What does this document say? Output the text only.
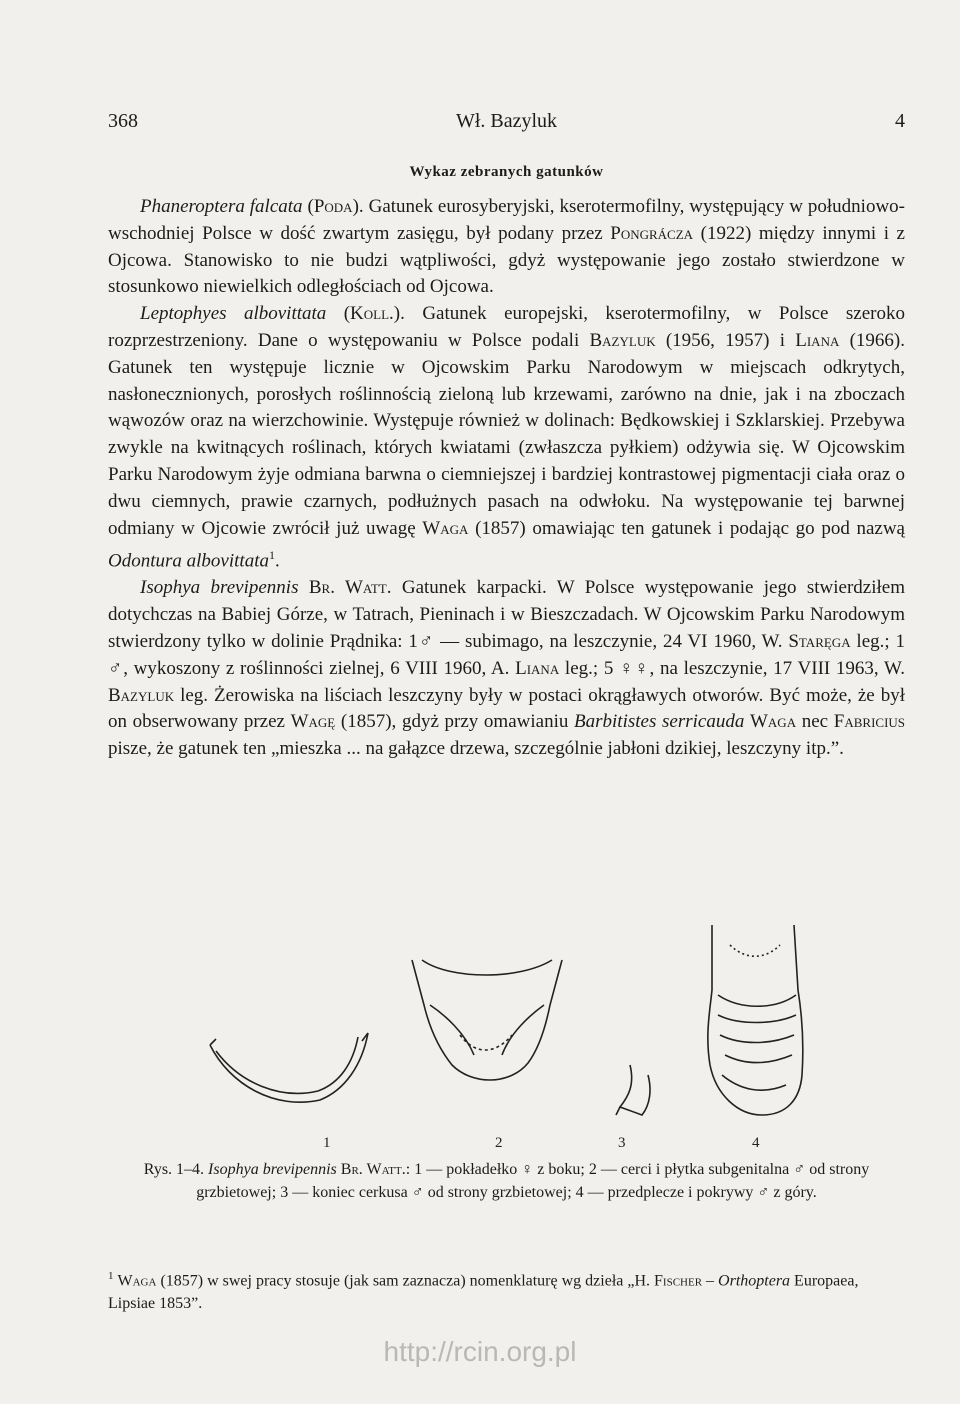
368	Wł. Bazyluk	4
Wykaz zebranych gatunków

Phaneroptera falcata (Poda). Gatunek eurosyberyjski, kserotermofilny, występujący w południowo-wschodniej Polsce w dość zwartym zasięgu, był podany przez Pongrácza (1922) między innymi i z Ojcowa. Stanowisko to nie budzi wątpliwości, gdyż występowanie jego zostało stwierdzone w stosunkowo niewielkich odległościach od Ojcowa.

Leptophyes albovittata (Koll.). Gatunek europejski, kserotermofilny, w Polsce szeroko rozprzestrzeniony. Dane o występowaniu w Polsce podali Bazyluk (1956, 1957) i Liana (1966). Gatunek ten występuje licznie w Ojcowskim Parku Narodowym w miejscach odkrytych, nasłonecznionych, porosłych roślinnością zieloną lub krzewami, zarówno na dnie, jak i na zboczach wąwozów oraz na wierzchowinie. Występuje również w dolinach: Będkowskiej i Szklarskiej. Przebywa zwykle na kwitnących roślinach, których kwiatami (zwłaszcza pyłkiem) odżywia się. W Ojcowskim Parku Narodowym żyje odmiana barwna o ciemniejszej i bardziej kontrastowej pigmentacji ciała oraz o dwu ciemnych, prawie czarnych, podłużnych pasach na odwłoku. Na występowanie tej barwnej odmiany w Ojcowie zwrócił już uwagę Waga (1857) omawiając ten gatunek i podając go pod nazwą Odontura albovittata$^1$.

Isophya brevipennis Br. Watt. Gatunek karpacki. W Polsce występowanie jego stwierdziłem dotychczas na Babiej Górze, w Tatrach, Pieninach i w Bieszczadach. W Ojcowskim Parku Narodowym stwierdzony tylko w dolinie Prądnika: 1♂ — subimago, na leszczynie, 24 VI 1960, W. Staręga leg.; 1 ♂, wykoszony z roślinności zielnej, 6 VIII 1960, A. Liana leg.; 5 ♀♀, na leszczynie, 17 VIII 1963, W. Bazyluk leg. Żerowiska na liściach leszczyny były w postaci okrągławych otworów. Być może, że był on obserwowany przez Wagę (1857), gdyż przy omawianiu Barbitistes serricauda Waga nec Fabricius pisze, że gatunek ten „mieszka ... na gałązce drzewa, szczególnie jabłoni dzikiej, leszczyny itp.”.

1	2	3	4
Rys. 1–4. Isophya brevipennis Br. Watt.: 1 — pokładełko ♀ z boku; 2 — cerci i płytka subgenitalna ♂ od strony grzbietowej; 3 — koniec cerkusa ♂ od strony grzbietowej; 4 — przedplecze i pokrywy ♂ z góry.
$^1$ Waga (1857) w swej pracy stosuje (jak sam zaznacza) nomenklaturę wg dzieła „H. Fischer – Orthoptera Europaea, Lipsiae 1853”.
http://rcin.org.pl
